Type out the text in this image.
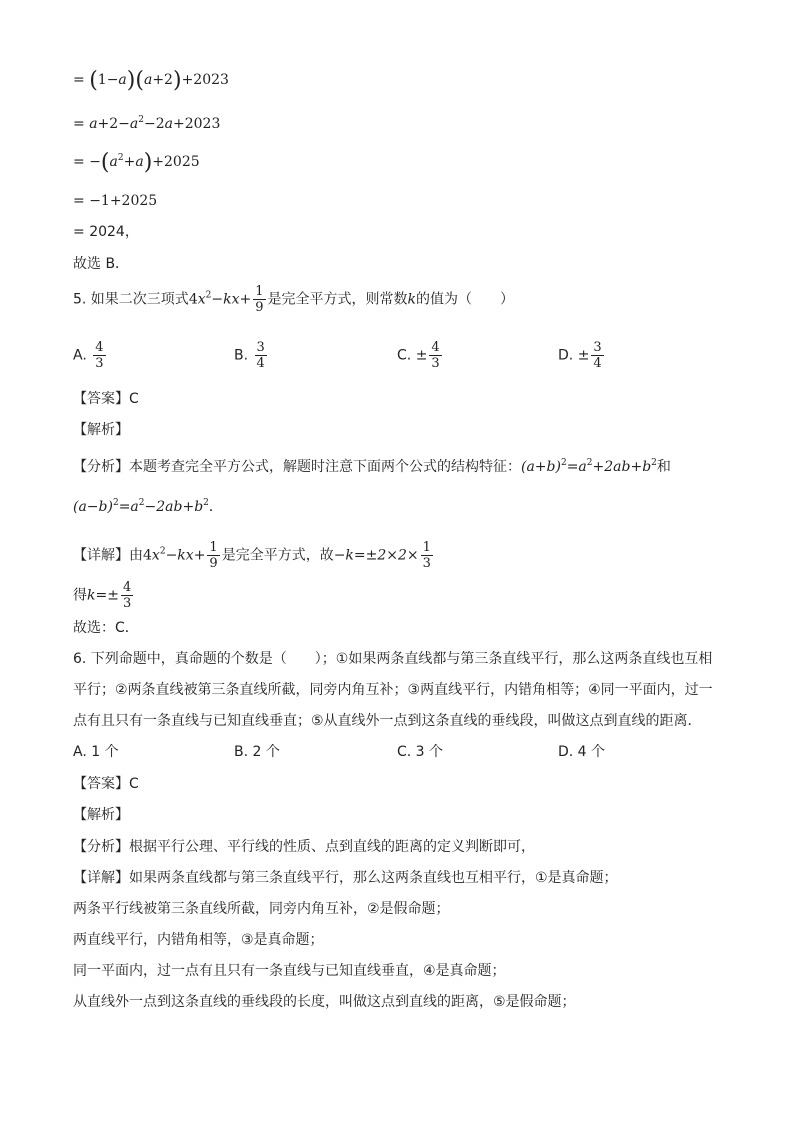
= (1−a)(a+2)+2023
= $a+2-a^2-2a+2023$
= $-(a^2+a)+2025$
= −1+2025
= 2024，
故选 B．
5. 如果二次三项式$4x^2-kx+ \frac{1}{9}$ 是完全平方式，则常数k的值为（　　）
A. $\frac{4}{3}$	B. $\frac{3}{4}$	C. ± $\frac{4}{3}$	D. ± $\frac{3}{4}$
【答案】C
【解析】
【分析】本题考查完全平方公式，解题时注意下面两个公式的结构特征：$(a+b)^2=a^2+2ab+b^2$和
$(a-b)^2=a^2-2ab+b^2$．
【详解】由$4x^2-kx+ \frac{1}{9}$ 是完全平方式，故$-k=\pm 2\times 2\times \frac{1}{3}$
得$k=\pm \frac{4}{3}$
故选：C．
6. 下列命题中，真命题的个数是（　　）；①如果两条直线都与第三条直线平行，那么这两条直线也互相
平行；②两条直线被第三条直线所截，同旁内角互补；③两直线平行，内错角相等；④同一平面内，过一
点有且只有一条直线与已知直线垂直；⑤从直线外一点到这条直线的垂线段，叫做这点到直线的距离．
A. 1 个	B. 2 个	C. 3 个	D. 4 个
【答案】C
【解析】
【分析】根据平行公理、平行线的性质、点到直线的距离的定义判断即可，
【详解】如果两条直线都与第三条直线平行，那么这两条直线也互相平行，①是真命题；
两条平行线被第三条直线所截，同旁内角互补，②是假命题；
两直线平行，内错角相等，③是真命题；
同一平面内，过一点有且只有一条直线与已知直线垂直，④是真命题；
从直线外一点到这条直线的垂线段的长度，叫做这点到直线的距离，⑤是假命题；
